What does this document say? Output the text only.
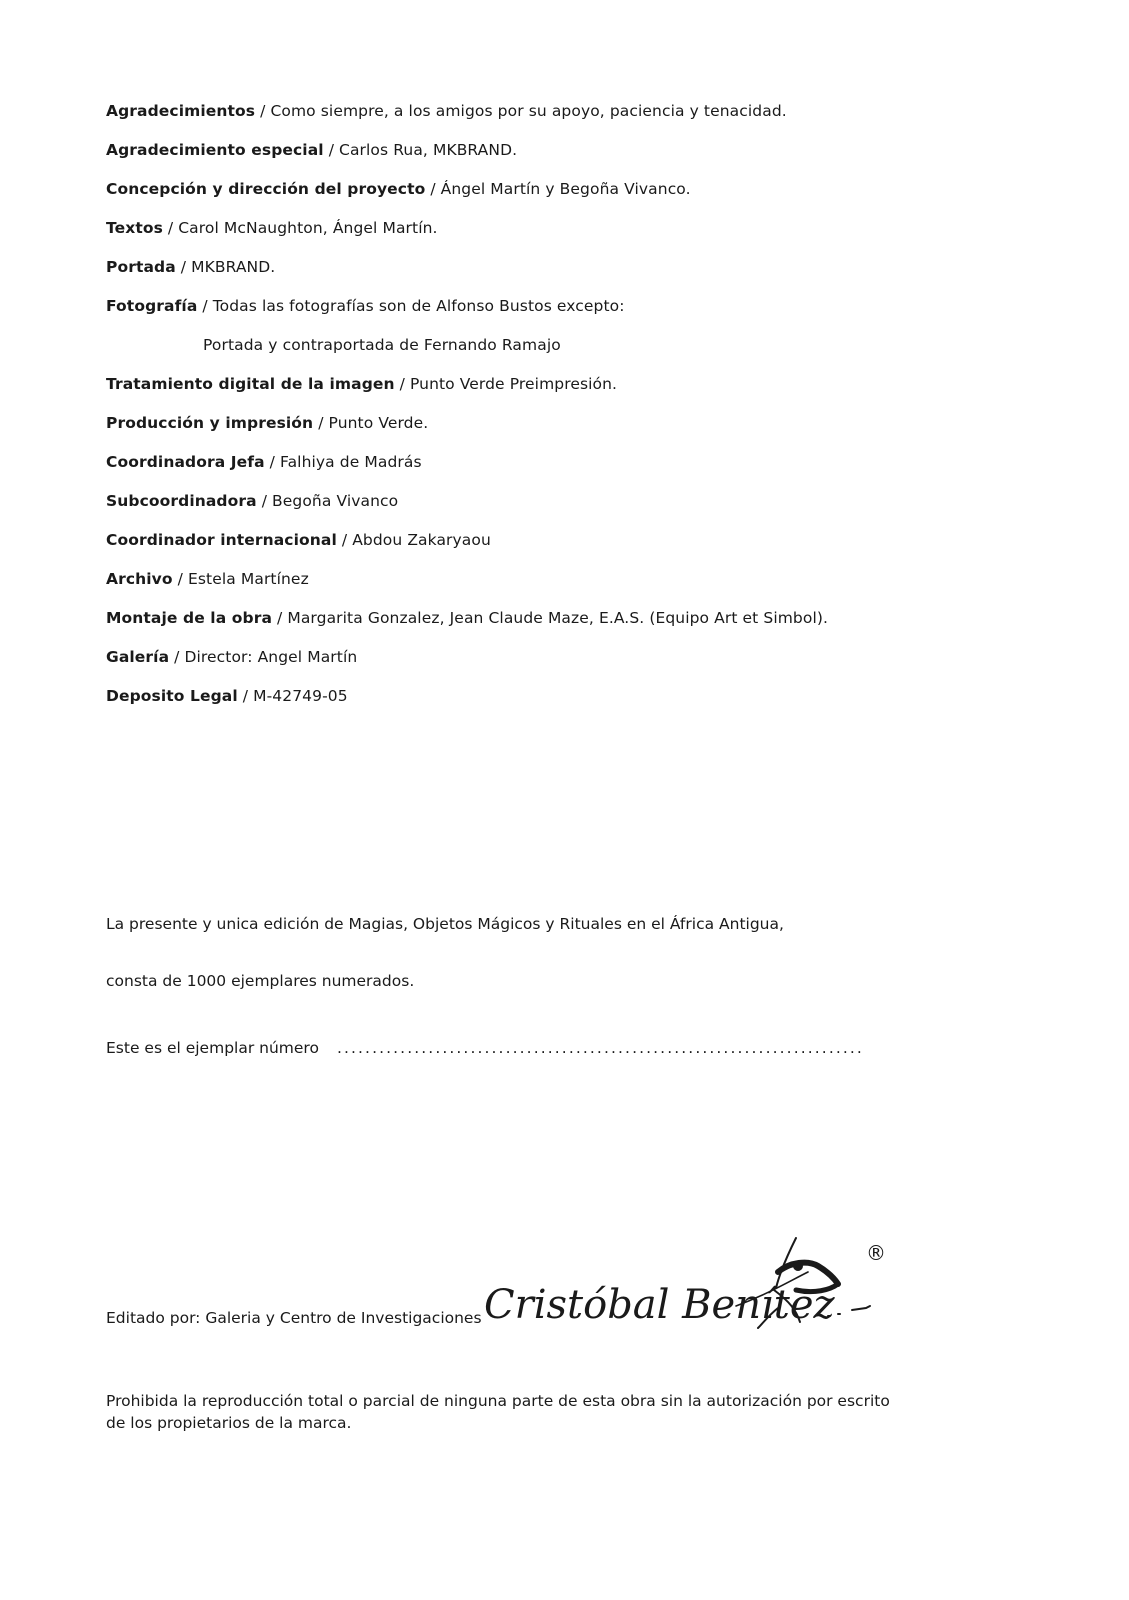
Agradecimientos / Como siempre, a los amigos por su apoyo, paciencia y tenacidad.
Agradecimiento especial / Carlos Rua, MKBRAND.
Concepción y dirección del proyecto / Ángel Martín y Begoña Vivanco.
Textos / Carol McNaughton, Ángel Martín.
Portada / MKBRAND.
Fotografía / Todas las fotografías son de Alfonso Bustos excepto:
Portada y contraportada de Fernando Ramajo
Tratamiento digital de la imagen / Punto Verde Preimpresión.
Producción y impresión / Punto Verde.
Coordinadora Jefa / Falhiya de Madrás
Subcoordinadora / Begoña Vivanco
Coordinador internacional / Abdou Zakaryaou
Archivo / Estela Martínez
Montaje de la obra / Margarita Gonzalez, Jean Claude Maze, E.A.S. (Equipo Art et Simbol).
Galería / Director: Angel Martín
Deposito Legal / M-42749-05
La presente y unica edición de Magias, Objetos Mágicos y Rituales en el África Antigua,
consta de 1000 ejemplares numerados.
Este es el ejemplar número ...........................................................................
Editado por: Galeria y Centro de Investigaciones Cristóbal Benítez
®
Prohibida la reproducción total o parcial de ninguna parte de esta obra sin la autorización por escrito
de los propietarios de la marca.
